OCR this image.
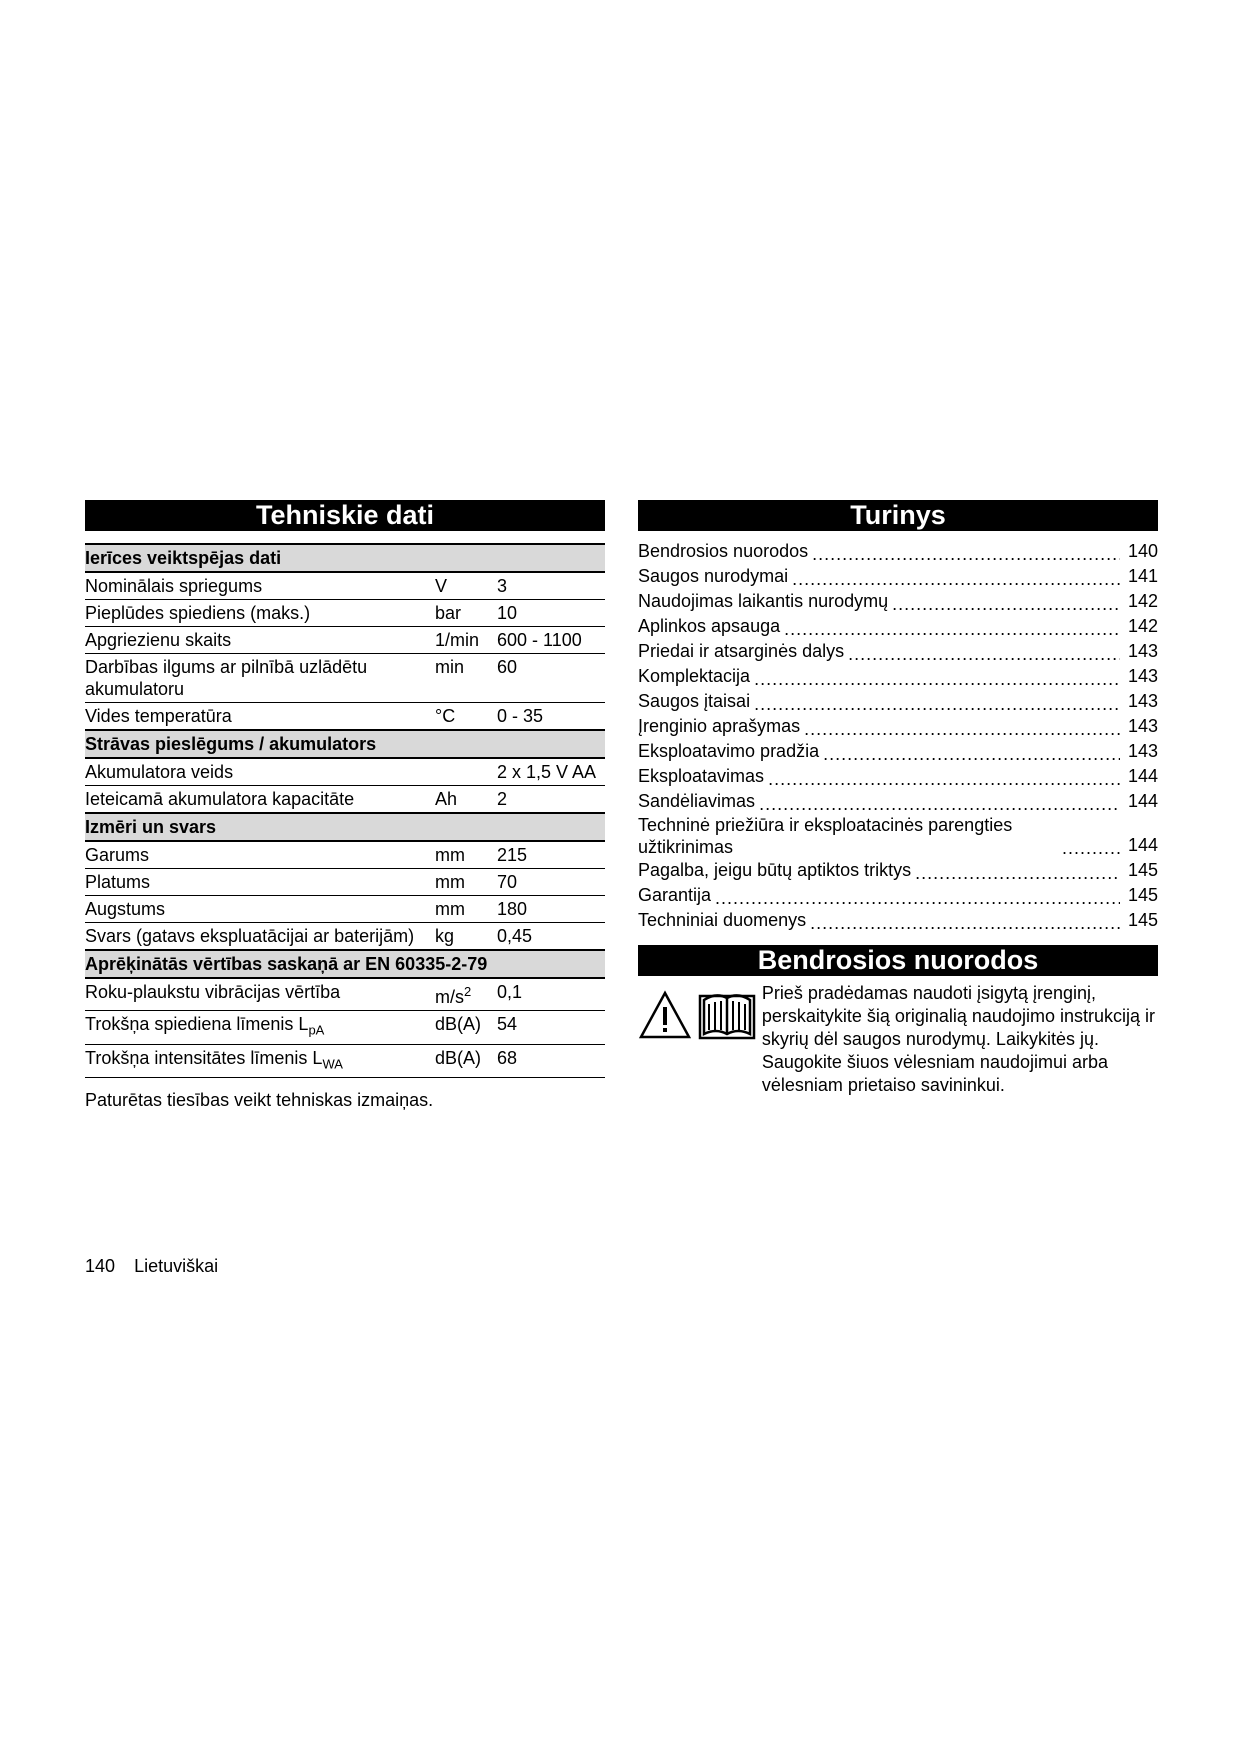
Tehniskie dati
Ierīces veiktspējas dati		
Nominālais spriegums	V	3
Pieplūdes spiediens (maks.)	bar	10
Apgriezienu skaits	1/min	600 - 1100
Darbības ilgums ar pilnībā uzlādētu akumulatoru	min	60
Vides temperatūra	°C	0 - 35
Strāvas pieslēgums / akumulators		
Akumulatora veids		2 x 1,5 V AA
Ieteicamā akumulatora kapacitāte	Ah	2
Izmēri un svars		
Garums	mm	215
Platums	mm	70
Augstums	mm	180
Svars (gatavs ekspluatācijai ar baterijām)	kg	0,45
Aprēķinātās vērtības saskaņā ar EN 60335-2-79		
Roku-plaukstu vibrācijas vērtība	$m/s^2$	0,1
Trokšņa spiediena līmenis $L_{pA}$	dB(A)	54
Trokšņa intensitātes līmenis $L_{WA}$	dB(A)	68
Paturētas tiesības veikt tehniskas izmaiņas.
Turinys
Bendrosios nuorodos .....	140
Saugos nurodymai .....	141
Naudojimas laikantis nurodymų .....	142
Aplinkos apsauga .....	142
Priedai ir atsarginės dalys .....	143
Komplektacija .....	143
Saugos įtaisai .....	143
Įrenginio aprašymas .....	143
Eksploatavimo pradžia .....	143
Eksploatavimas .....	144
Sandėliavimas .....	144
Techninė priežiūra ir eksploatacinės parengties užtikrinimas .....	144
Pagalba, jeigu būtų aptiktos triktys .....	145
Garantija .....	145
Techniniai duomenys .....	145
Bendrosios nuorodos
Prieš pradėdamas naudoti įsigytą įrenginį, perskaitykite šią originalią naudojimo instrukciją ir skyrių dėl saugos nurodymų. Laikykitės jų. Saugokite šiuos vėlesniam naudojimui arba vėlesniam prietaiso savininkui.
140 Lietuviškai
